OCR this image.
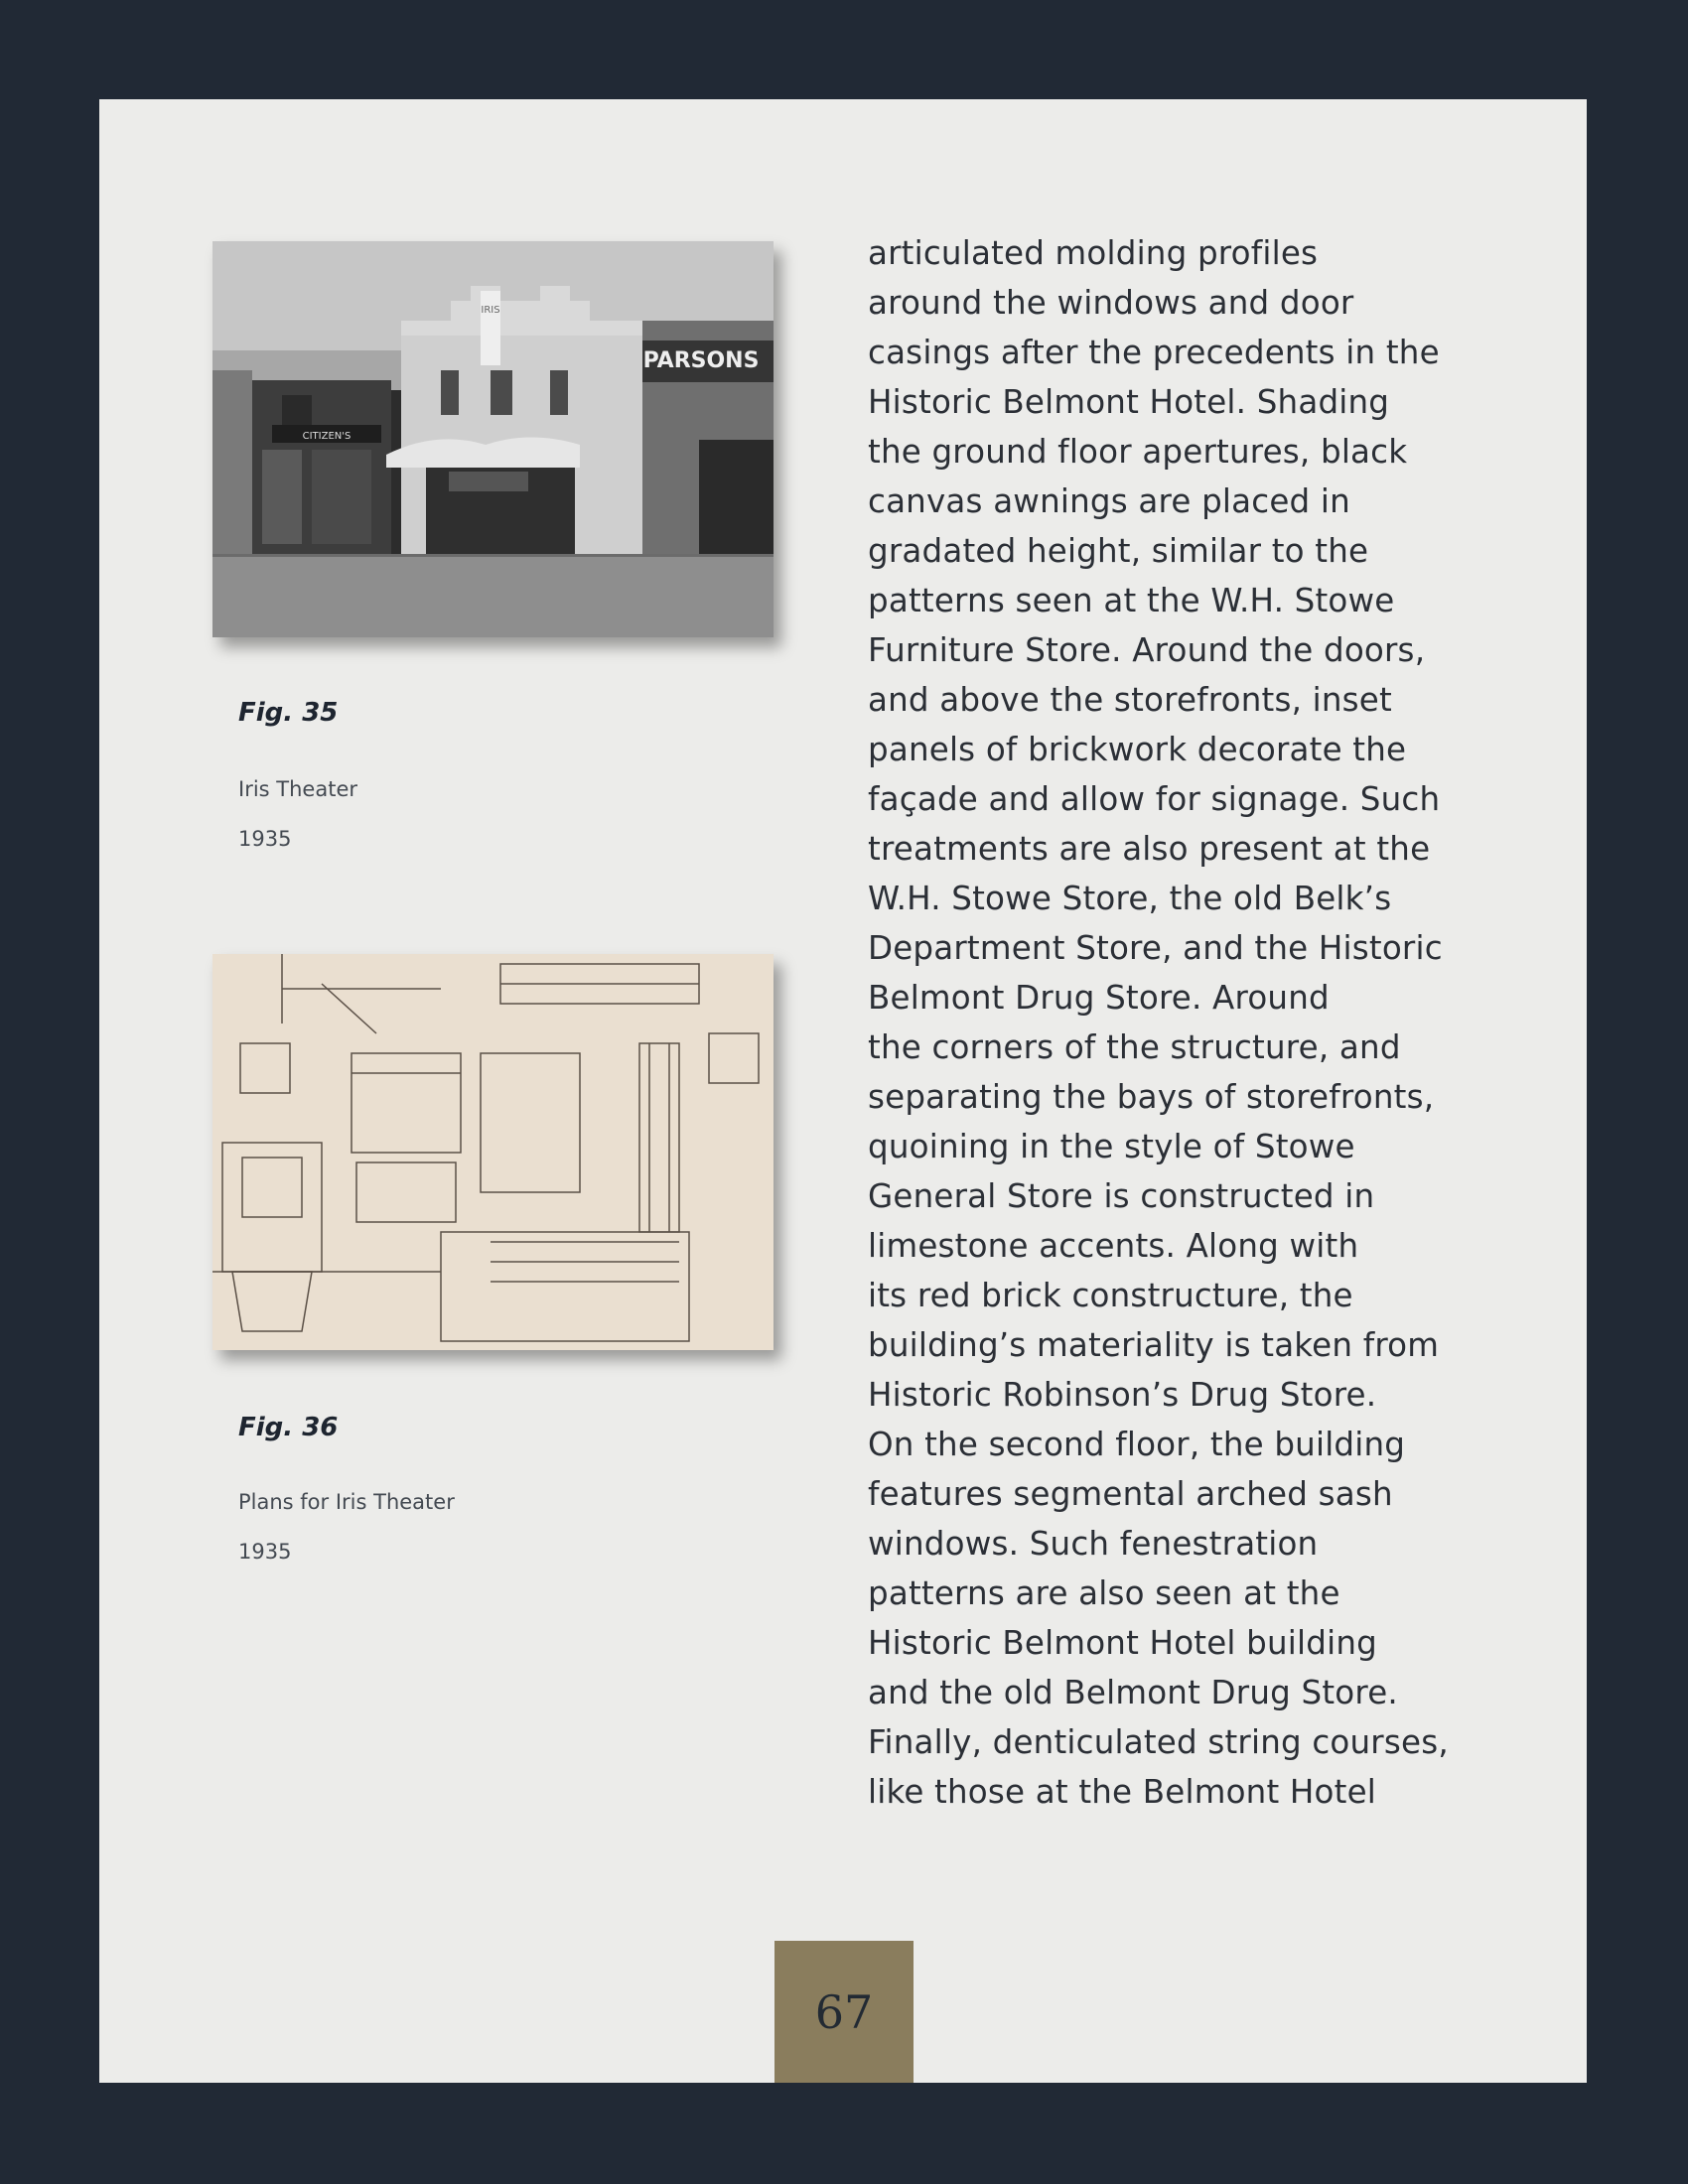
CITIZEN'S
IRIS
PARSONS
Fig. 35
Iris Theater
1935
Fig. 36
Plans for Iris Theater
1935
articulated molding profiles
around the windows and door
casings after the precedents in the
Historic Belmont Hotel. Shading
the ground floor apertures, black
canvas awnings are placed in
gradated height, similar to the
patterns seen at the W.H. Stowe
Furniture Store. Around the doors,
and above the storefronts, inset
panels of brickwork decorate the
façade and allow for signage. Such
treatments are also present at the
W.H. Stowe Store, the old Belk’s
Department Store, and the Historic
Belmont Drug Store. Around
the corners of the structure, and
separating the bays of storefronts,
quoining in the style of Stowe
General Store is constructed in
limestone accents. Along with
its red brick constructure, the
building’s materiality is taken from
Historic Robinson’s Drug Store.
On the second floor, the building
features segmental arched sash
windows. Such fenestration
patterns are also seen at the
Historic Belmont Hotel building
and the old Belmont Drug Store.
Finally, denticulated string courses,
like those at the Belmont Hotel
67
